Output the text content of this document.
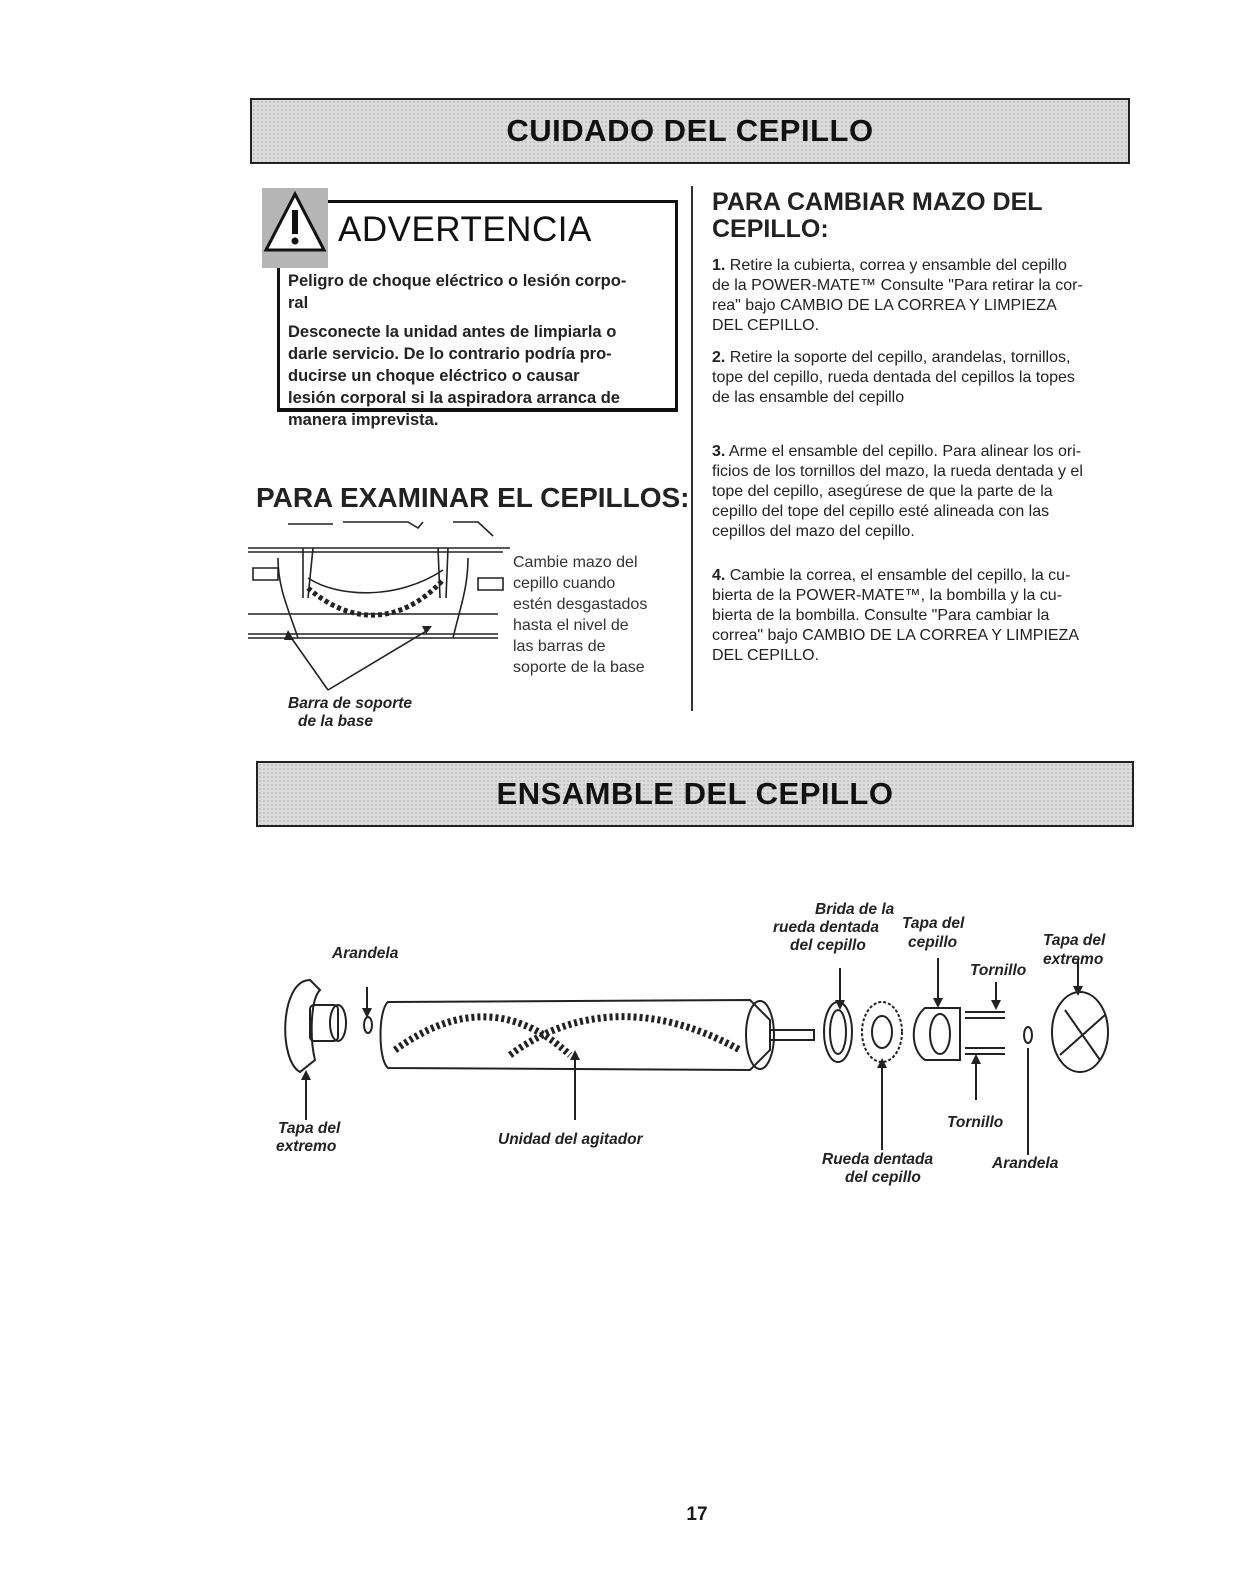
CUIDADO DEL CEPILLO
ADVERTENCIA
Peligro de choque eléctrico o lesión corpo-
ral
Desconecte la unidad antes de limpiarla o
darle servicio. De lo contrario podría pro-
ducirse un choque eléctrico o causar
lesión corporal si la aspiradora arranca de
manera imprevista.
PARA EXAMINAR EL CEPILLOS:
Cambie mazo del
cepillo cuando
estén desgastados
hasta el nivel de
las barras de
soporte de la base
Barra de soporte
de la base
PARA CAMBIAR MAZO DEL
CEPILLO:
1. Retire la cubierta, correa y ensamble del cepillo
de la POWER-MATE™ Consulte "Para retirar la cor-
rea" bajo CAMBIO DE LA CORREA Y LIMPIEZA
DEL CEPILLO.
2. Retire la soporte del cepillo, arandelas, tornillos,
tope del cepillo, rueda dentada del cepillos la topes
de las ensamble del cepillo
3. Arme el ensamble del cepillo. Para alinear los ori-
ficios de los tornillos del mazo, la rueda dentada y el
tope del cepillo, asegúrese de que la parte de la
cepillo del tope del cepillo esté alineada con las
cepillos del mazo del cepillo.
4. Cambie la correa, el ensamble del cepillo, la cu-
bierta de la POWER-MATE™, la bombilla y la cu-
bierta de la bombilla. Consulte "Para cambiar la
correa" bajo CAMBIO DE LA CORREA Y LIMPIEZA
DEL CEPILLO.
ENSAMBLE DEL CEPILLO
Arandela
Brida de la
rueda dentada
del cepillo
Tapa del
cepillo
Tornillo
Tapa del
extremo
Tapa del
extremo	Unidad del agitador
Tornillo
Rueda dentada
del cepillo
Arandela
17
